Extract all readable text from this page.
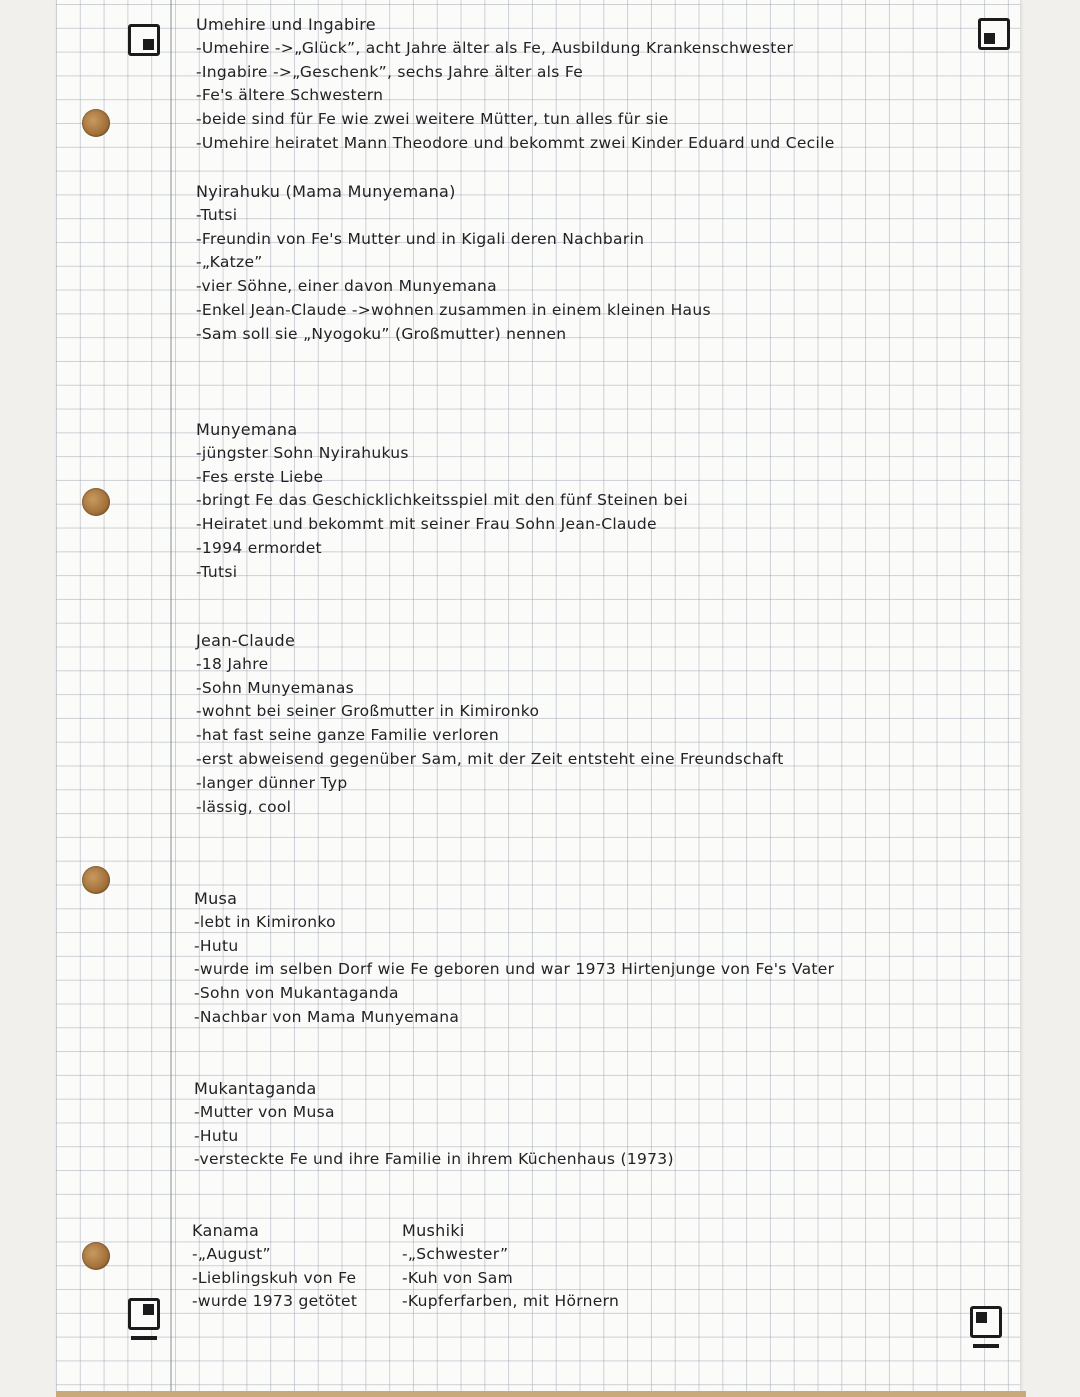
Umehire und Ingabire
-Umehire ->„Glück”, acht Jahre älter als Fe, Ausbildung Krankenschwester
-Ingabire ->„Geschenk”, sechs Jahre älter als Fe
-Fe's ältere Schwestern
-beide sind für Fe wie zwei weitere Mütter, tun alles für sie
-Umehire heiratet Mann Theodore und bekommt zwei Kinder Eduard und Cecile
Nyirahuku (Mama Munyemana)
-Tutsi
-Freundin von Fe's Mutter und in Kigali deren Nachbarin
-„Katze”
-vier Söhne, einer davon Munyemana
-Enkel Jean-Claude ->wohnen zusammen in einem kleinen Haus
-Sam soll sie „Nyogoku” (Großmutter) nennen
Munyemana
-jüngster Sohn Nyirahukus
-Fes erste Liebe
-bringt Fe das Geschicklichkeitsspiel mit den fünf Steinen bei
-Heiratet und bekommt mit seiner Frau Sohn Jean-Claude
-1994 ermordet
-Tutsi
Jean-Claude
-18 Jahre
-Sohn Munyemanas
-wohnt bei seiner Großmutter in Kimironko
-hat fast seine ganze Familie verloren
-erst abweisend gegenüber Sam, mit der Zeit entsteht eine Freundschaft
-langer dünner Typ
-lässig, cool
Musa
-lebt in Kimironko
-Hutu
-wurde im selben Dorf wie Fe geboren und war 1973 Hirtenjunge von Fe's Vater
-Sohn von Mukantaganda
-Nachbar von Mama Munyemana
Mukantaganda
-Mutter von Musa
-Hutu
-versteckte Fe und ihre Familie in ihrem Küchenhaus (1973)
Kanama
-„August”
-Lieblingskuh von Fe
-wurde 1973 getötet
Mushiki
-„Schwester”
-Kuh von Sam
-Kupferfarben, mit Hörnern
